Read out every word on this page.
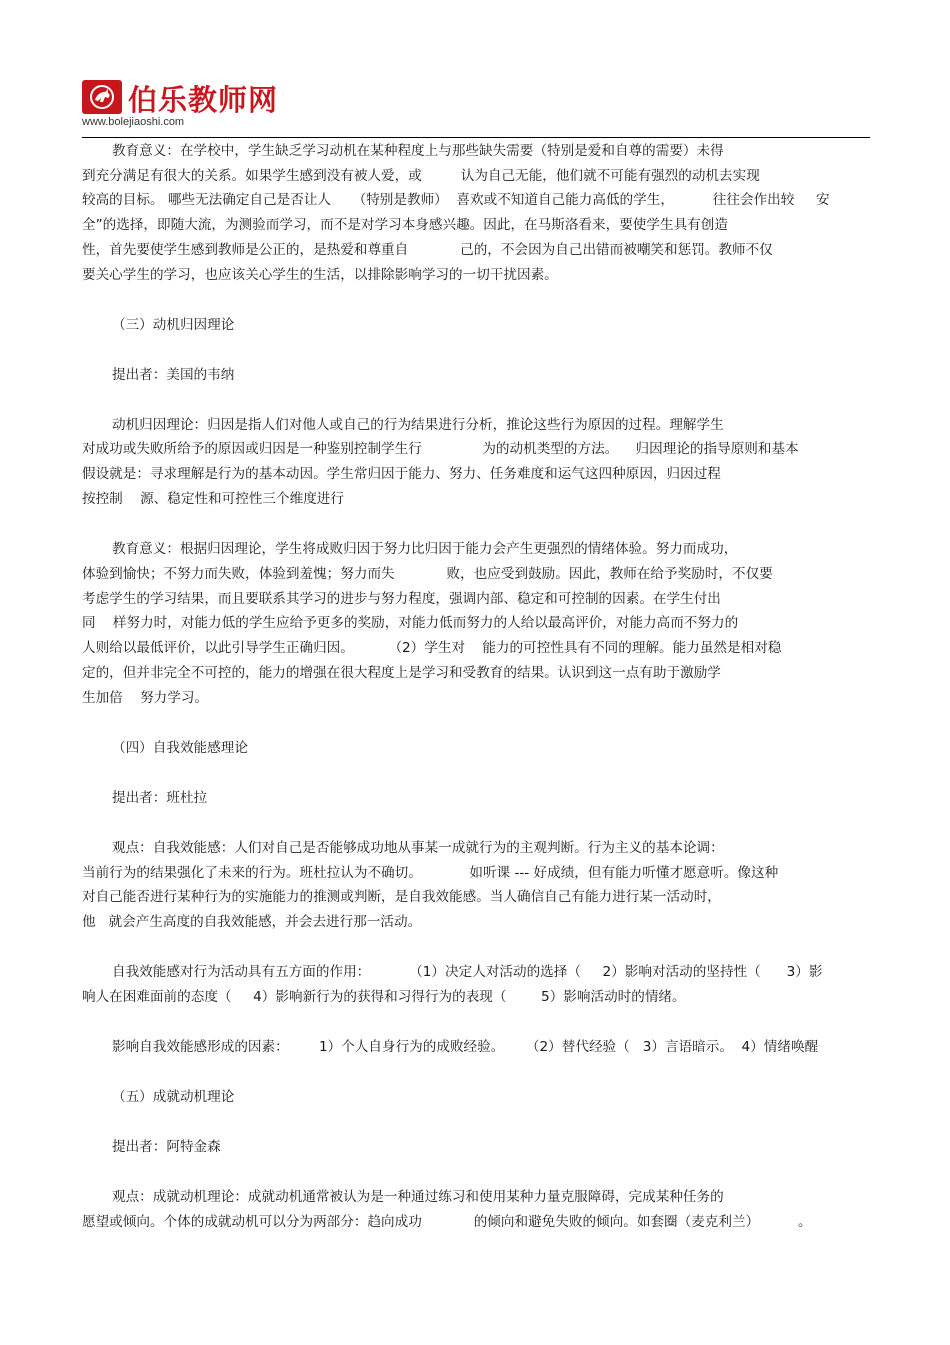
伯乐教师网
www.bolejiaoshi.com
教育意义：在学校中，学生缺乏学习动机在某种程度上与那些缺失需要（特别是爱和自尊的需要）未得
到充分满足有很大的关系。如果学生感到没有被人爱，或         认为自己无能，他们就不可能有强烈的动机去实现
较高的目标。 哪些无法确定自己是否让人     （特别是教师）  喜欢或不知道自己能力高低的学生，         往往会作出较     安
全”的选择，即随大流，为测验而学习，而不是对学习本身感兴趣。因此，在马斯洛看来，要使学生具有创造
性，首先要使学生感到教师是公正的，是热爱和尊重自            己的，不会因为自己出错而被嘲笑和惩罚。教师不仅
要关心学生的学习，也应该关心学生的生活，以排除影响学习的一切干扰因素。
（三）动机归因理论
提出者：美国的韦纳
动机归因理论：归因是指人们对他人或自己的行为结果进行分析，推论这些行为原因的过程。理解学生
对成功或失败所给予的原因或归因是一种鉴别控制学生行              为的动机类型的方法。    归因理论的指导原则和基本
假设就是：寻求理解是行为的基本动因。学生常归因于能力、努力、任务难度和运气这四种原因，归因过程
按控制    源、稳定性和可控性三个维度进行
教育意义：根据归因理论，学生将成败归因于努力比归因于能力会产生更强烈的情绪体验。努力而成功，
体验到愉快；不努力而失败，体验到羞愧；努力而失            败，也应受到鼓励。因此，教师在给予奖励时，不仅要
考虑学生的学习结果，而且要联系其学习的进步与努力程度，强调内部、稳定和可控制的因素。在学生付出
同    样努力时，对能力低的学生应给予更多的奖励，对能力低而努力的人给以最高评价，对能力高而不努力的
人则给以最低评价，以此引导学生正确归因。        （2）学生对    能力的可控性具有不同的理解。能力虽然是相对稳
定的，但并非完全不可控的，能力的增强在很大程度上是学习和受教育的结果。认识到这一点有助于激励学
生加倍    努力学习。
（四）自我效能感理论
提出者：班杜拉
观点：自我效能感：人们对自己是否能够成功地从事某一成就行为的主观判断。行为主义的基本论调：
当前行为的结果强化了未来的行为。班杜拉认为不确切。           如听课 --- 好成绩，但有能力听懂才愿意听。像这种
对自己能否进行某种行为的实施能力的推测或判断，是自我效能感。当人确信自己有能力进行某一活动时，
他   就会产生高度的自我效能感，并会去进行那一活动。
自我效能感对行为活动具有五方面的作用：         （1）决定人对活动的选择（     2）影响对活动的坚持性（      3）影
响人在困难面前的态度（     4）影响新行为的获得和习得行为的表现（        5）影响活动时的情绪。
影响自我效能感形成的因素：       1）个人自身行为的成败经验。     （2）替代经验（   3）言语暗示。  4）情绪唤醒
（五）成就动机理论
提出者：阿特金森
观点：成就动机理论：成就动机通常被认为是一种通过练习和使用某种力量克服障碍，完成某种任务的
愿望或倾向。个体的成就动机可以分为两部分：趋向成功            的倾向和避免失败的倾向。如套圈（麦克利兰）         。
